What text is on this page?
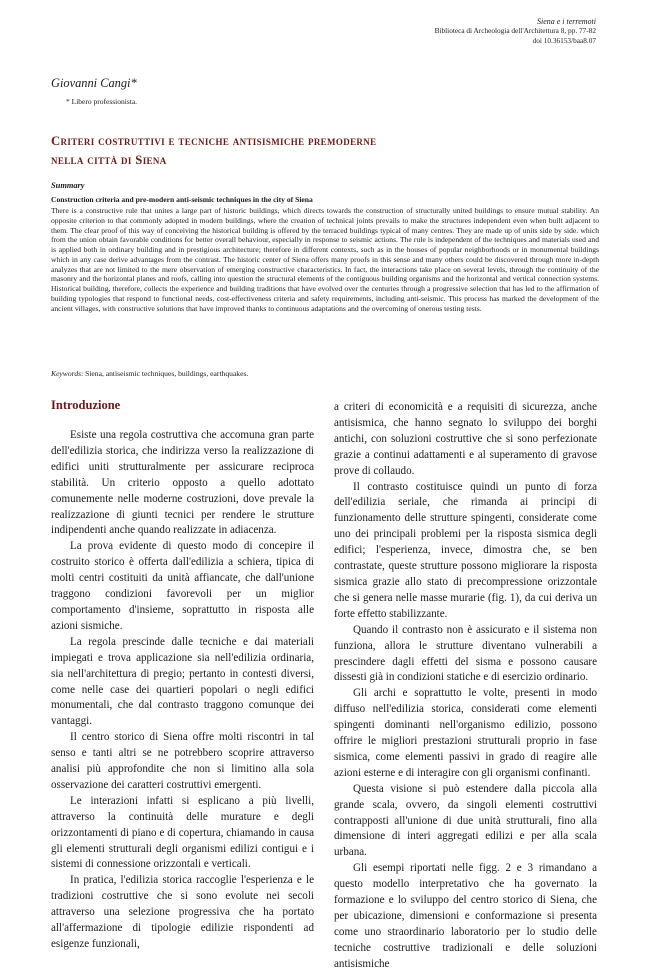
Siena e i terremoti
Biblioteca di Archeologia dell'Architettura 8, pp. 77-82
doi 10.36153/baa8.07
Giovanni Cangi*
* Libero professionista.
Criteri costruttivi e tecniche antisismiche premoderne
nella città di Siena
Summary
Construction criteria and pre-modern anti-seismic techniques in the city of Siena
There is a constructive rule that unites a large part of historic buildings, which directs towards the construction of structurally united buildings to ensure mutual stability. An opposite criterion to that commonly adopted in modern buildings, where the creation of technical joints prevails to make the structures independent even when built adjacent to them. The clear proof of this way of conceiving the historical building is offered by the terraced buildings typical of many centres. They are made up of units side by side. which from the union obtain favorable conditions for better overall behaviour, especially in response to seismic actions. The rule is independent of the techniques and materials used and is applied both in ordinary building and in prestigious architecture; therefore in different contexts, such as in the houses of popular neighborhoods or in monumental buildings which in any case derive advantages from the contrast. The historic center of Siena offers many proofs in this sense and many others could be discovered through more in-depth analyzes that are not limited to the mere observation of emerging constructive characteristics. In fact, the interactions take place on several levels, through the continuity of the masonry and the horizontal planes and roofs, calling into question the structural elements of the contiguous building organisms and the horizontal and vertical connection systems. Historical building, therefore, collects the experience and building traditions that have evolved over the centuries through a progressive selection that has led to the affirmation of building typologies that respond to functional needs, cost-effectiveness criteria and safety requirements, including anti-seismic. This process has marked the development of the ancient villages, with constructive solutions that have improved thanks to continuous adaptations and the overcoming of onerous testing tests.
Keywords: Siena, antiseismic techniques, buildings, earthquakes.
Introduzione

Esiste una regola costruttiva che accomuna gran parte dell'edilizia storica, che indirizza verso la realizzazione di edifici uniti strutturalmente per assicurare reciproca stabilità. Un criterio opposto a quello adottato comunemente nelle moderne costruzioni, dove prevale la realizzazione di giunti tecnici per rendere le strutture indipendenti anche quando realizzate in adiacenza.

La prova evidente di questo modo di concepire il costruito storico è offerta dall'edilizia a schiera, tipica di molti centri costituiti da unità affiancate, che dall'unione traggono condizioni favorevoli per un miglior comportamento d'insieme, soprattutto in risposta alle azioni sismiche.

La regola prescinde dalle tecniche e dai materiali impiegati e trova applicazione sia nell'edilizia ordinaria, sia nell'architettura di pregio; pertanto in contesti diversi, come nelle case dei quartieri popolari o negli edifici monumentali, che dal contrasto traggono comunque dei vantaggi.

Il centro storico di Siena offre molti riscontri in tal senso e tanti altri se ne potrebbero scoprire attraverso analisi più approfondite che non si limitino alla sola osservazione dei caratteri costruttivi emergenti.

Le interazioni infatti si esplicano a più livelli, attraverso la continuità delle murature e degli orizzontamenti di piano e di copertura, chiamando in causa gli elementi strutturali degli organismi edilizi contigui e i sistemi di connessione orizzontali e verticali.

In pratica, l'edilizia storica raccoglie l'esperienza e le tradizioni costruttive che si sono evolute nei secoli attraverso una selezione progressiva che ha portato all'affermazione di tipologie edilizie rispondenti ad esigenze funzionali,

a criteri di economicità e a requisiti di sicurezza, anche antisismica, che hanno segnato lo sviluppo dei borghi antichi, con soluzioni costruttive che si sono perfezionate grazie a continui adattamenti e al superamento di gravose prove di collaudo.

Il contrasto costituisce quindi un punto di forza dell'edilizia seriale, che rimanda ai principi di funzionamento delle strutture spingenti, considerate come uno dei principali problemi per la risposta sismica degli edifici; l'esperienza, invece, dimostra che, se ben contrastate, queste strutture possono migliorare la risposta sismica grazie allo stato di precompressione orizzontale che si genera nelle masse murarie (fig. 1), da cui deriva un forte effetto stabilizzante.

Quando il contrasto non è assicurato e il sistema non funziona, allora le strutture diventano vulnerabili a prescindere dagli effetti del sisma e possono causare dissesti già in condizioni statiche e di esercizio ordinario.

Gli archi e soprattutto le volte, presenti in modo diffuso nell'edilizia storica, considerati come elementi spingenti dominanti nell'organismo edilizio, possono offrire le migliori prestazioni strutturali proprio in fase sismica, come elementi passivi in grado di reagire alle azioni esterne e di interagire con gli organismi confinanti.

Questa visione si può estendere dalla piccola alla grande scala, ovvero, da singoli elementi costruttivi contrapposti all'unione di due unità strutturali, fino alla dimensione di interi aggregati edilizi e per alla scala urbana.

Gli esempi riportati nelle figg. 2 e 3 rimandano a questo modello interpretativo che ha governato la formazione e lo sviluppo del centro storico di Siena, che per ubicazione, dimensioni e conformazione si presenta come uno straordinario laboratorio per lo studio delle tecniche costruttive tradizionali e delle soluzioni antisismiche
